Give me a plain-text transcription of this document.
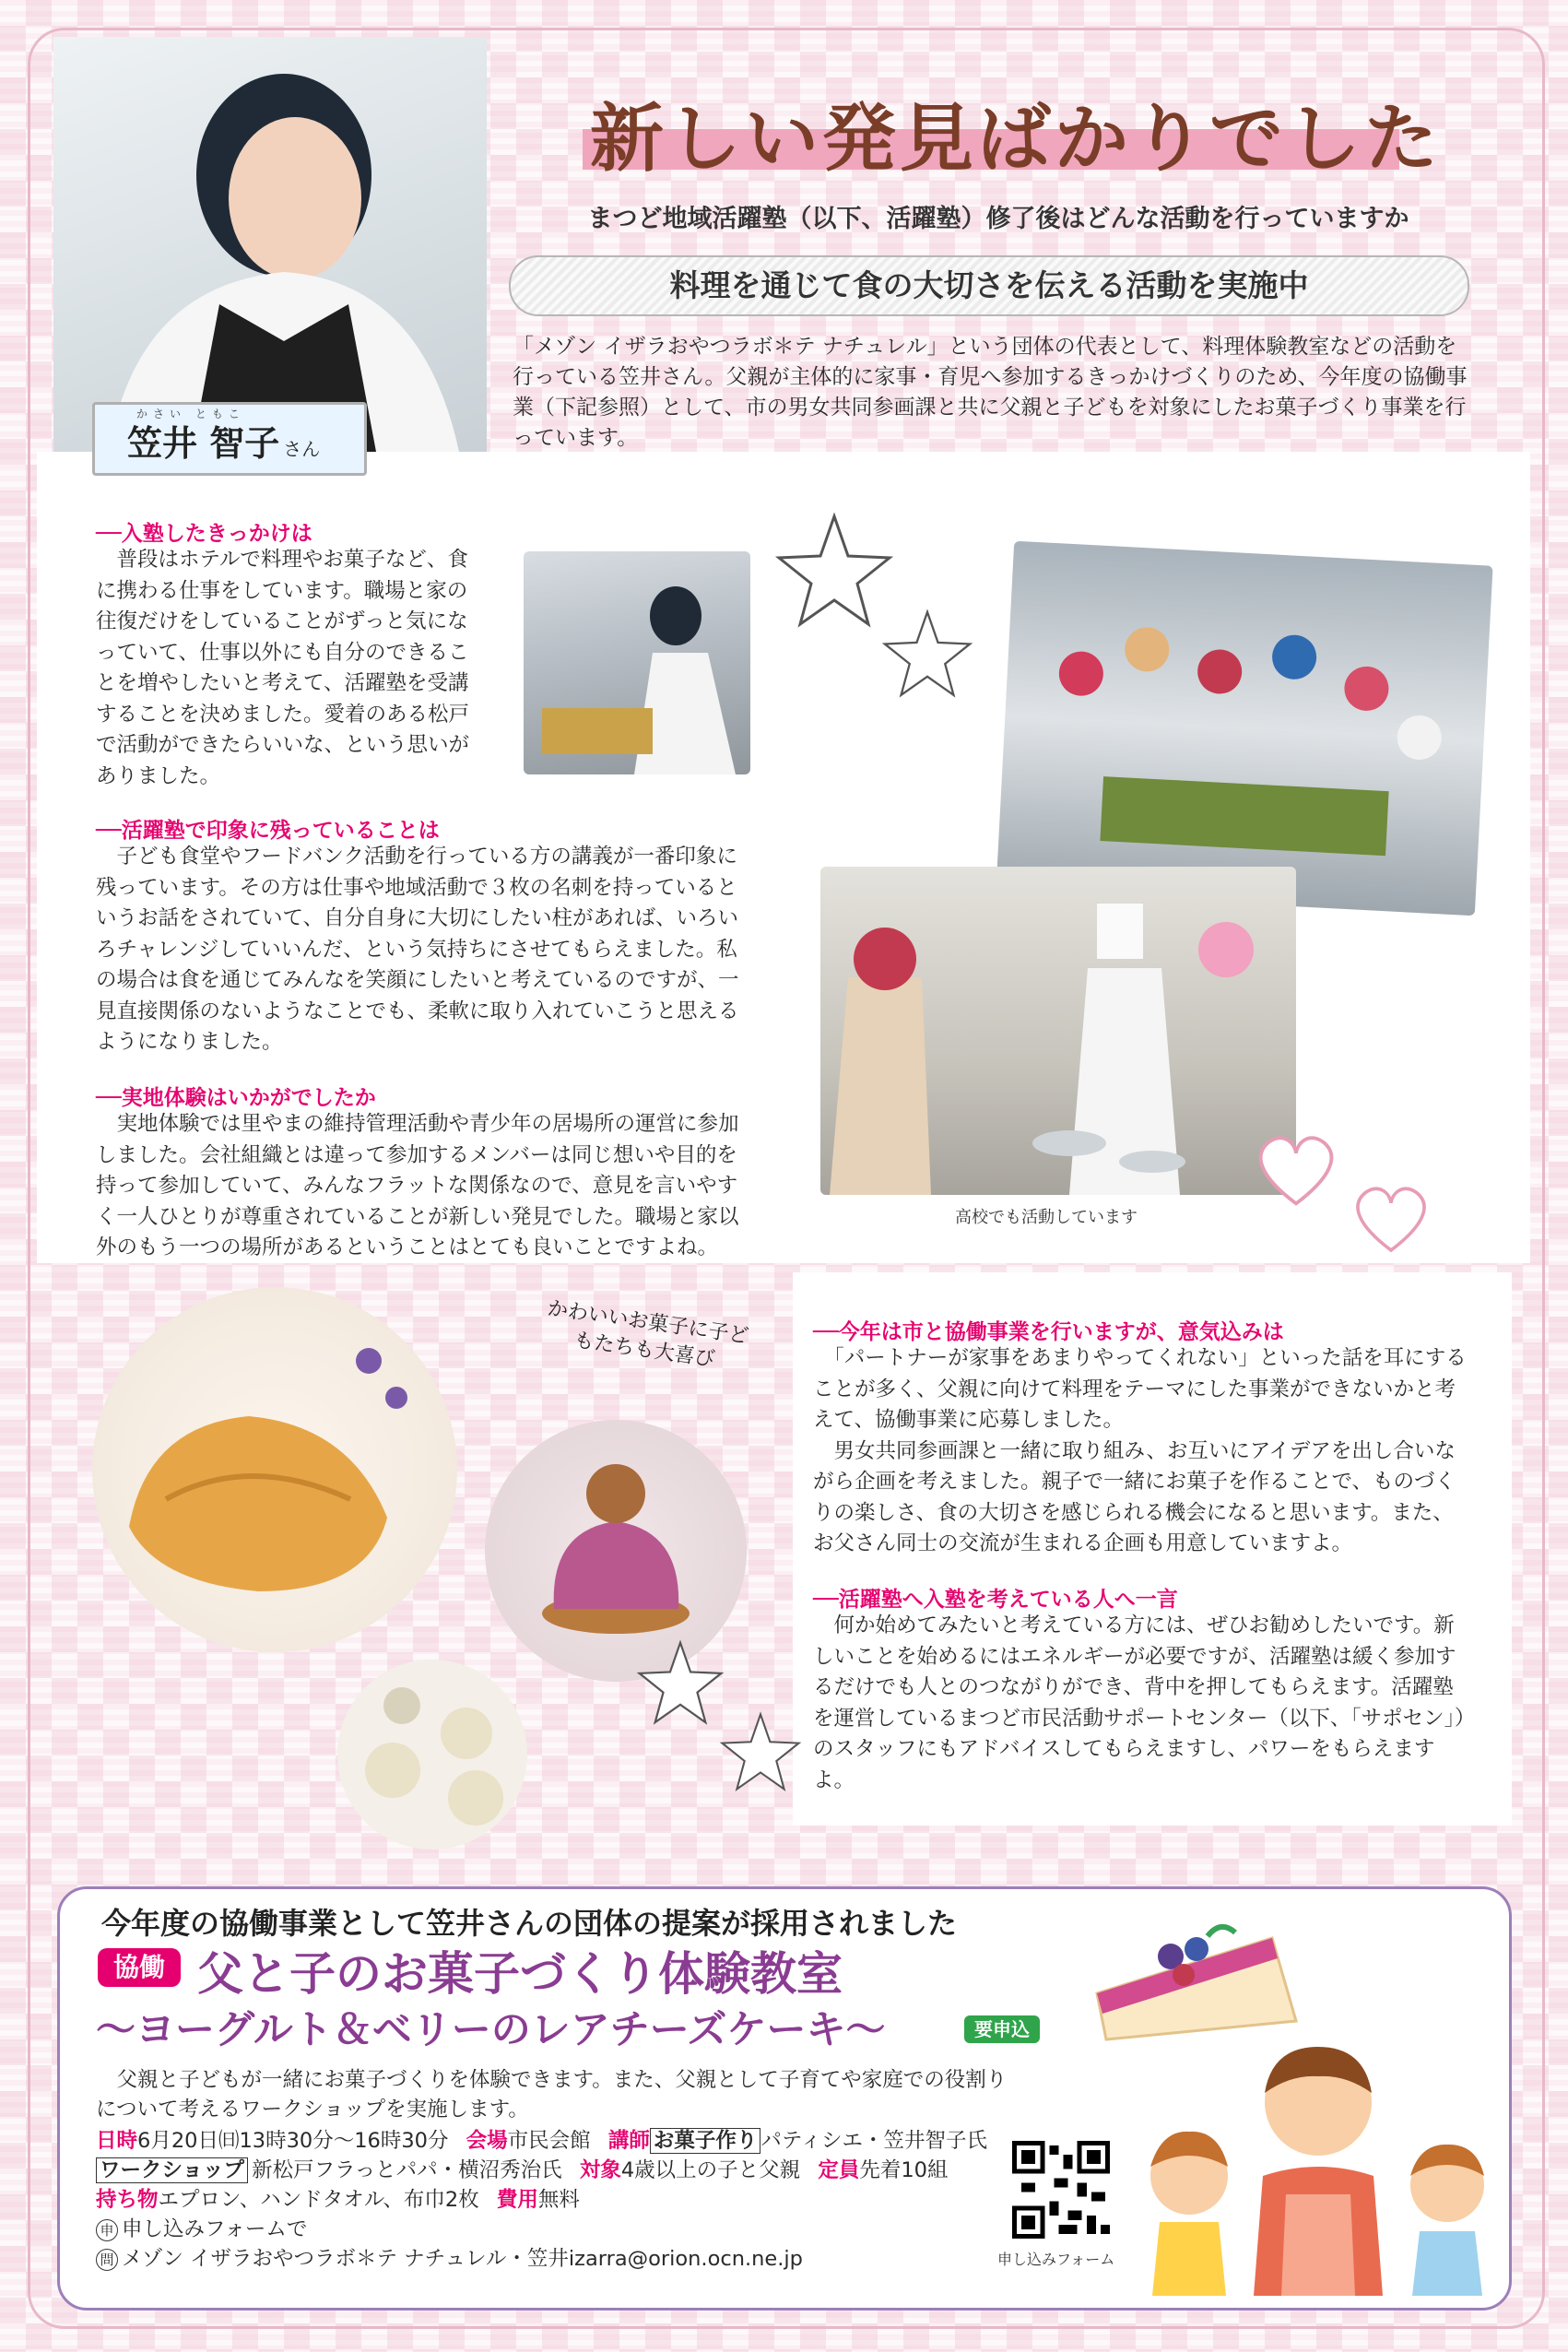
かさい ともこ
笠井 智子 さん
新しい発見ばかりでした
まつど地域活躍塾（以下、活躍塾）修了後はどんな活動を行っていますか
料理を通じて食の大切さを伝える活動を実施中
「メゾン イザラおやつラボ＊テ ナチュレル」という団体の代表として、料理体験教室などの活動を行っている笠井さん。父親が主体的に家事・育児へ参加するきっかけづくりのため、今年度の協働事業（下記参照）として、市の男女共同参画課と共に父親と子どもを対象にしたお菓子づくり事業を行っています。
──入塾したきっかけは
　普段はホテルで料理やお菓子など、食に携わる仕事をしています。職場と家の往復だけをしていることがずっと気になっていて、仕事以外にも自分のできることを増やしたいと考えて、活躍塾を受講することを決めました。愛着のある松戸で活動ができたらいいな、という思いがありました。
──活躍塾で印象に残っていることは
　子ども食堂やフードバンク活動を行っている方の講義が一番印象に残っています。その方は仕事や地域活動で３枚の名刺を持っているというお話をされていて、自分自身に大切にしたい柱があれば、いろいろチャレンジしていいんだ、という気持ちにさせてもらえました。私の場合は食を通じてみんなを笑顔にしたいと考えているのですが、一見直接関係のないようなことでも、柔軟に取り入れていこうと思えるようになりました。
高校でも活動しています
──実地体験はいかがでしたか
　実地体験では里やまの維持管理活動や青少年の居場所の運営に参加しました。会社組織とは違って参加するメンバーは同じ想いや目的を持って参加していて、みんなフラットな関係なので、意見を言いやすく一人ひとりが尊重されていることが新しい発見でした。職場と家以外のもう一つの場所があるということはとても良いことですよね。
かわいいお菓子に子どもたちも大喜び	──今年は市と協働事業を行いますが、意気込みは
　「パートナーが家事をあまりやってくれない」といった話を耳にすることが多く、父親に向けて料理をテーマにした事業ができないかと考えて、協働事業に応募しました。
　男女共同参画課と一緒に取り組み、お互いにアイデアを出し合いながら企画を考えました。親子で一緒にお菓子を作ることで、ものづくりの楽しさ、食の大切さを感じられる機会になると思います。また、お父さん同士の交流が生まれる企画も用意していますよ。
──活躍塾へ入塾を考えている人へ一言
　何か始めてみたいと考えている方には、ぜひお勧めしたいです。新しいことを始めるにはエネルギーが必要ですが、活躍塾は緩く参加するだけでも人とのつながりができ、背中を押してもらえます。活躍塾を運営しているまつど市民活動サポートセンター（以下、「サポセン」）のスタッフにもアドバイスしてもらえますし、パワーをもらえますよ。
今年度の協働事業として笠井さんの団体の提案が採用されました
協働 父と子のお菓子づくり体験教室
〜ヨーグルト＆ベリーのレアチーズケーキ〜	要申込
　父親と子どもが一緒にお菓子づくりを体験できます。また、父親として子育てや家庭での役割りについて考えるワークショップを実施します。
日時6月20日㈰13時30分〜16時30分 会場市民会館 講師 お菓子作り パティシエ・笠井智子氏
ワークショップ 新松戸フラっとパパ・横沼秀治氏 対象4歳以上の子と父親 定員先着10組
持ち物エプロン、ハンドタオル、布巾2枚 費用無料
申 申し込みフォームで
問 メゾン イザラおやつラボ＊テ ナチュレル・笠井izarra@orion.ocn.ne.jp	申し込みフォーム
